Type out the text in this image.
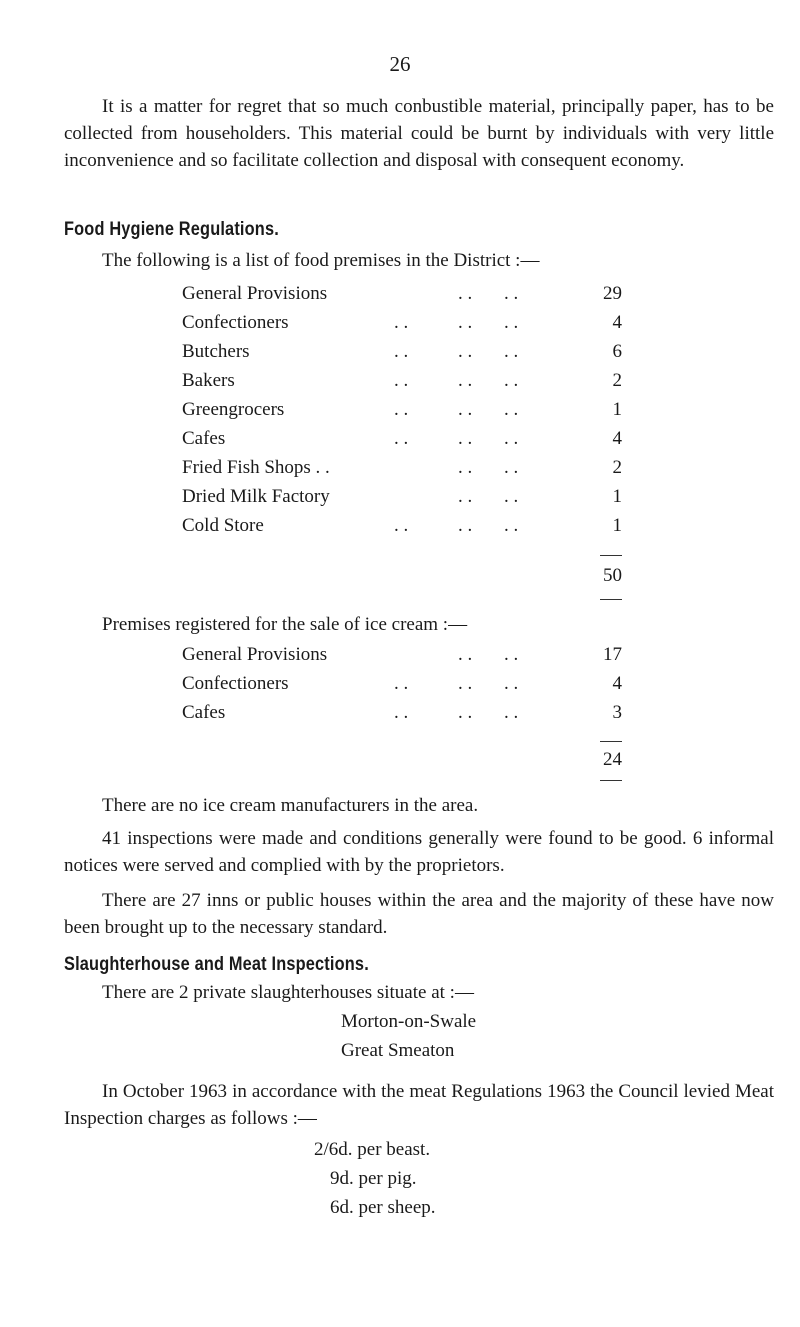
26

It is a matter for regret that so much conbustible material, principally paper, has to be collected from householders. This material could be burnt by individuals with very little inconvenience and so facilitate collection and disposal with consequent economy.

Food Hygiene Regulations.
The following is a list of food premises in the District :—
General Provisions	. . . .	29
Confectioners	. .	. . . .	4
Butchers	. .	. . . .	6
Bakers	. .	. . . .	2
Greengrocers	. .	. . . .	1
Cafes	. .	. . . .	4
Fried Fish Shops . .	. . . .	2
Dried Milk Factory	. . . .	1
Cold Store	. .	. . . .	1
50
Premises registered for the sale of ice cream :—
General Provisions	. . . .	17
Confectioners	. .	. . . .	4
Cafes	. .	. . . .	3
24
There are no ice cream manufacturers in the area.

41 inspections were made and conditions generally were found to be good. 6 informal notices were served and complied with by the proprietors.

There are 27 inns or public houses within the area and the majority of these have now been brought up to the necessary standard.

Slaughterhouse and Meat Inspections.
There are 2 private slaughterhouses situate at :—
Morton-on-Swale
Great Smeaton

In October 1963 in accordance with the meat Regulations 1963 the Council levied Meat Inspection charges as follows :—

2/6d. per beast.
9d. per pig.
6d. per sheep.
